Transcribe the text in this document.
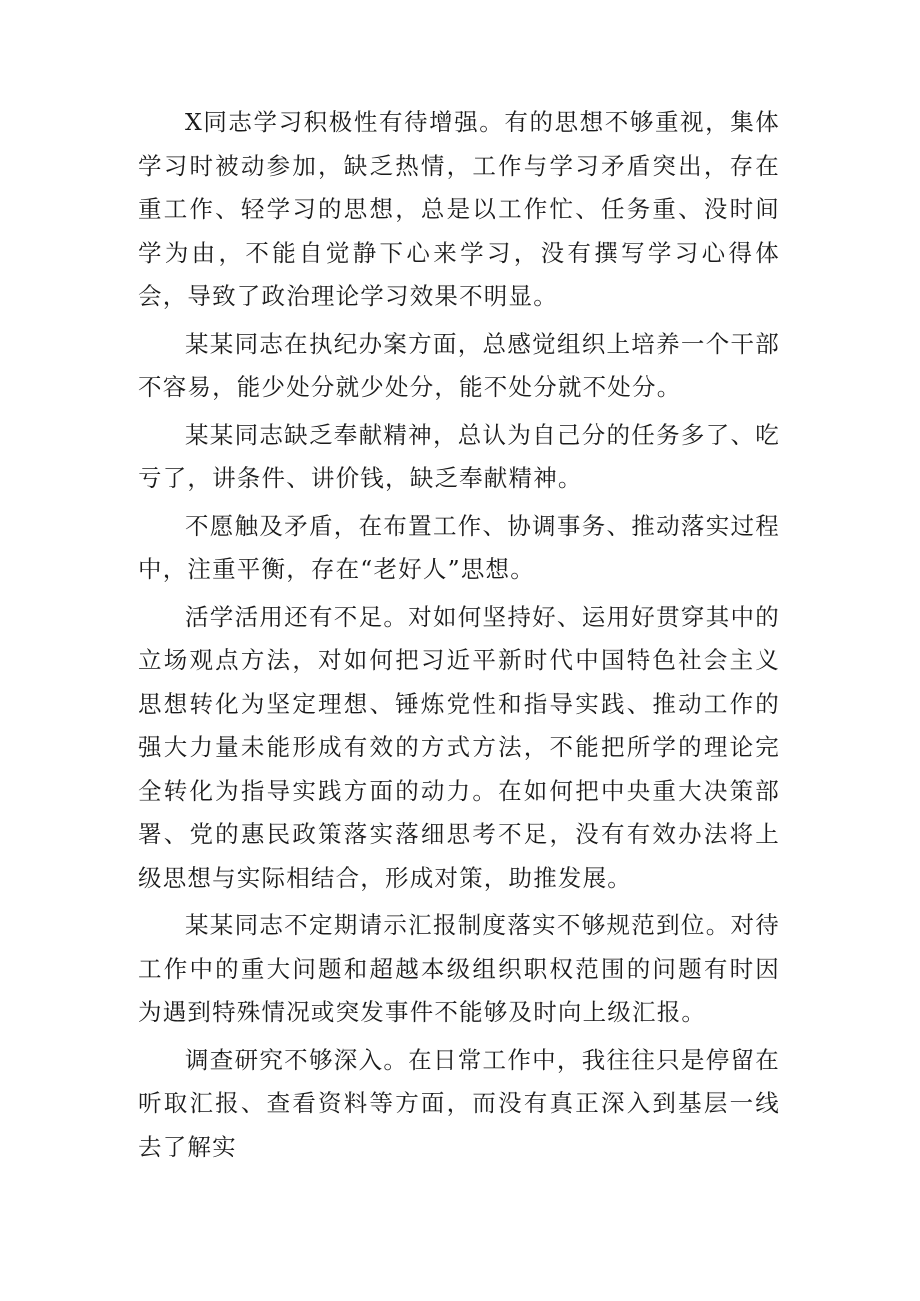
X同志学习积极性有待增强。有的思想不够重视，集体学习时被动参加，缺乏热情，工作与学习矛盾突出，存在重工作、轻学习的思想，总是以工作忙、任务重、没时间学为由，不能自觉静下心来学习，没有撰写学习心得体会，导致了政治理论学习效果不明显。

某某同志在执纪办案方面，总感觉组织上培养一个干部不容易，能少处分就少处分，能不处分就不处分。

某某同志缺乏奉献精神，总认为自己分的任务多了、吃亏了，讲条件、讲价钱，缺乏奉献精神。

不愿触及矛盾，在布置工作、协调事务、推动落实过程中，注重平衡，存在“老好人”思想。

活学活用还有不足。对如何坚持好、运用好贯穿其中的立场观点方法，对如何把习近平新时代中国特色社会主义思想转化为坚定理想、锤炼党性和指导实践、推动工作的强大力量未能形成有效的方式方法，不能把所学的理论完全转化为指导实践方面的动力。在如何把中央重大决策部署、党的惠民政策落实落细思考不足，没有有效办法将上级思想与实际相结合，形成对策，助推发展。

某某同志不定期请示汇报制度落实不够规范到位。对待工作中的重大问题和超越本级组织职权范围的问题有时因为遇到特殊情况或突发事件不能够及时向上级汇报。

调查研究不够深入。在日常工作中，我往往只是停留在听取汇报、查看资料等方面，而没有真正深入到基层一线去了解实
